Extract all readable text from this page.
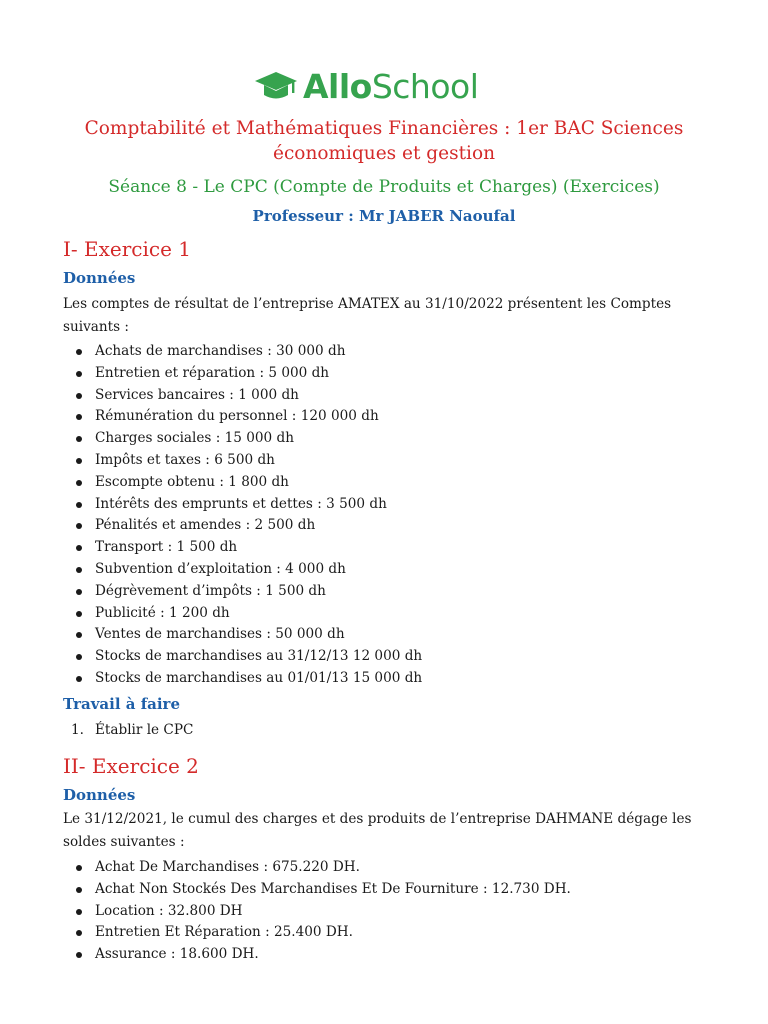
AlloSchool
Comptabilité et Mathématiques Financières : 1er BAC Sciences économiques et gestion
Séance 8 - Le CPC (Compte de Produits et Charges) (Exercices)
Professeur : Mr JABER Naoufal
I- Exercice 1
Données

Les comptes de résultat de l’entreprise AMATEX au 31/10/2022 présentent les Comptes suivants :

Achats de marchandises : 30 000 dh
Entretien et réparation : 5 000 dh
Services bancaires : 1 000 dh
Rémunération du personnel : 120 000 dh
Charges sociales : 15 000 dh
Impôts et taxes : 6 500 dh
Escompte obtenu : 1 800 dh
Intérêts des emprunts et dettes : 3 500 dh
Pénalités et amendes : 2 500 dh
Transport : 1 500 dh
Subvention d’exploitation : 4 000 dh
Dégrèvement d’impôts : 1 500 dh
Publicité : 1 200 dh
Ventes de marchandises : 50 000 dh
Stocks de marchandises au 31/12/13 12 000 dh
Stocks de marchandises au 01/01/13 15 000 dh
Travail à faire
1. Établir le CPC
II- Exercice 2
Données

Le 31/12/2021, le cumul des charges et des produits de l’entreprise DAHMANE dégage les soldes suivantes :

Achat De Marchandises : 675.220 DH.
Achat Non Stockés Des Marchandises Et De Fourniture : 12.730 DH.
Location : 32.800 DH
Entretien Et Réparation : 25.400 DH.
Assurance : 18.600 DH.
